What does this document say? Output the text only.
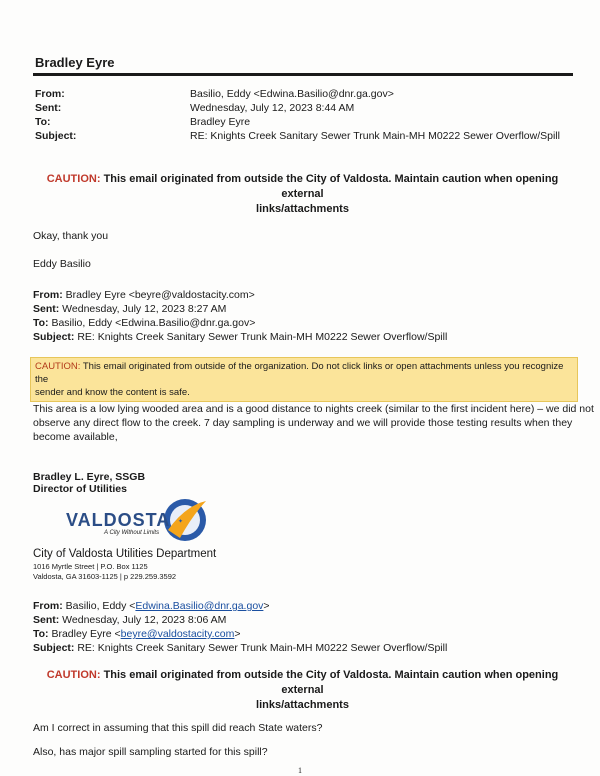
Bradley Eyre
From:	Basilio, Eddy <Edwina.Basilio@dnr.ga.gov>
Sent:	Wednesday, July 12, 2023 8:44 AM
To:	Bradley Eyre
Subject:	RE: Knights Creek Sanitary Sewer Trunk Main-MH M0222 Sewer Overflow/Spill
CAUTION: This email originated from outside the City of Valdosta. Maintain caution when opening external
links/attachments
Okay, thank you
Eddy Basilio
From: Bradley Eyre <beyre@valdostacity.com>
Sent: Wednesday, July 12, 2023 8:27 AM
To: Basilio, Eddy <Edwina.Basilio@dnr.ga.gov>
Subject: RE: Knights Creek Sanitary Sewer Trunk Main-MH M0222 Sewer Overflow/Spill
CAUTION: This email originated from outside of the organization. Do not click links or open attachments unless you recognize the
sender and know the content is safe.
This area is a low lying wooded area and is a good distance to nights creek (similar to the first incident here) – we did not
observe any direct flow to the creek. 7 day sampling is underway and we will provide those testing results when they
become available,
Bradley L. Eyre, SSGB
Director of Utilities
✦
VALDOSTA
A City Without Limits
City of Valdosta Utilities Department
1016 Myrtle Street | P.O. Box 1125
Valdosta, GA 31603-1125 | p 229.259.3592
From: Basilio, Eddy <Edwina.Basilio@dnr.ga.gov>
Sent: Wednesday, July 12, 2023 8:06 AM
To: Bradley Eyre <beyre@valdostacity.com>
Subject: RE: Knights Creek Sanitary Sewer Trunk Main-MH M0222 Sewer Overflow/Spill
CAUTION: This email originated from outside the City of Valdosta. Maintain caution when opening external
links/attachments
Am I correct in assuming that this spill did reach State waters?
Also, has major spill sampling started for this spill?
1
